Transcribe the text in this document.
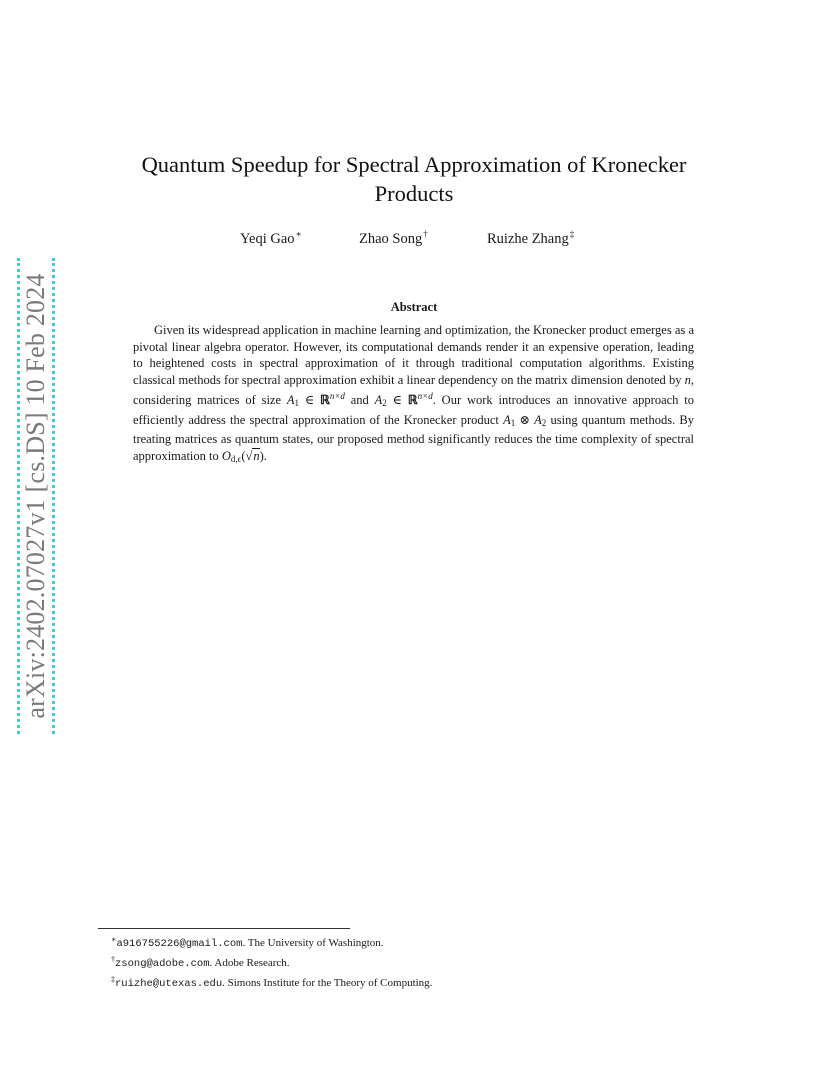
arXiv:2402.07027v1 [cs.DS] 10 Feb 2024
Quantum Speedup for Spectral Approximation of Kronecker Products
Yeqi Gao∗	Zhao Song†	Ruizhe Zhang‡
Abstract
Given its widespread application in machine learning and optimization, the Kronecker product emerges as a pivotal linear algebra operator. However, its computational demands render it an expensive operation, leading to heightened costs in spectral approximation of it through traditional computation algorithms. Existing classical methods for spectral approximation exhibit a linear dependency on the matrix dimension denoted by n, considering matrices of size $A_1$ ∈ ℝ$^{n\times d}$ and $A_2$ ∈ ℝ$^{n\times d}$. Our work introduces an innovative approach to efficiently address the spectral approximation of the Kronecker product $A_1$ ⊗ $A_2$ using quantum methods. By treating matrices as quantum states, our proposed method significantly reduces the time complexity of spectral approximation to $O_{d,\epsilon}(√n)$.
∗a916755226@gmail.com. The University of Washington.
†zsong@adobe.com. Adobe Research.
‡ruizhe@utexas.edu. Simons Institute for the Theory of Computing.
